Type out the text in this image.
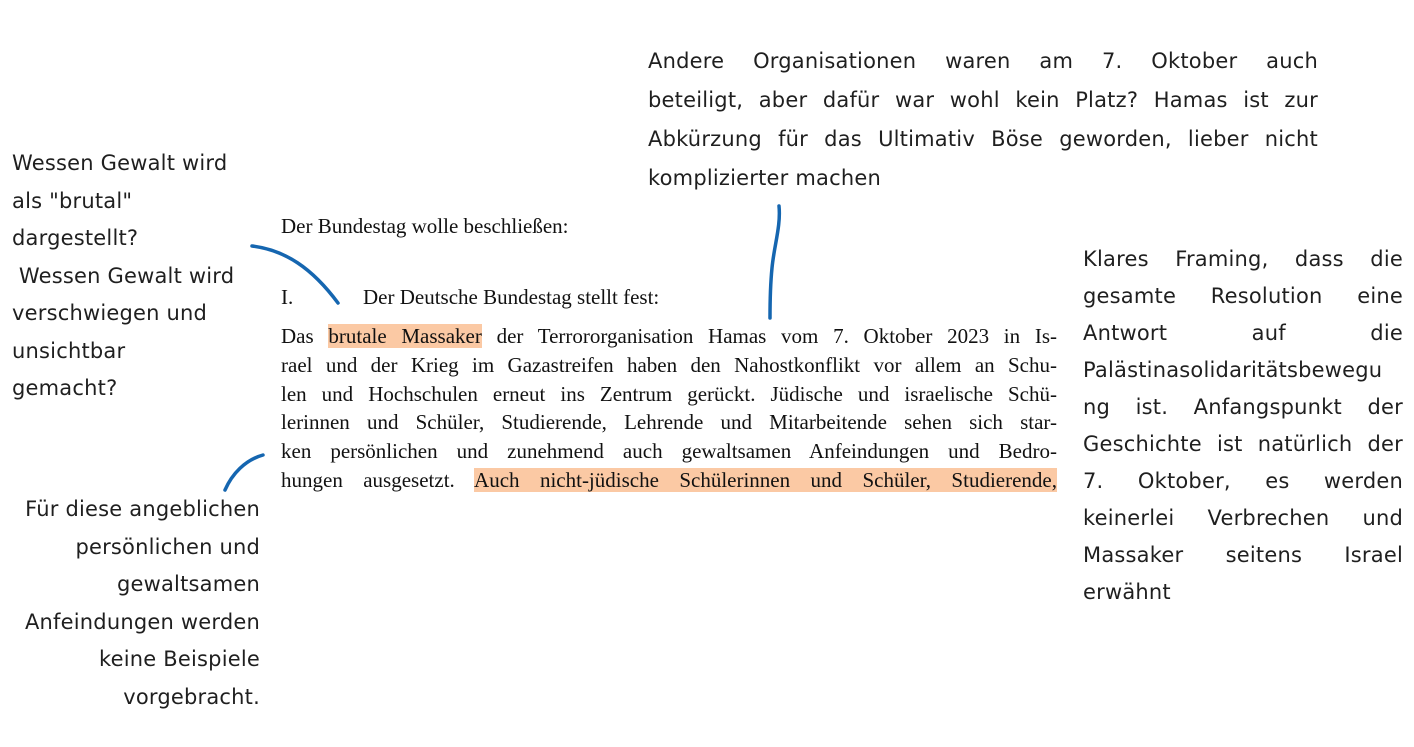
Andere Organisationen waren am 7. Oktober auch
beteiligt, aber dafür war wohl kein Platz? Hamas ist zur
Abkürzung für das Ultimativ Böse geworden, lieber nicht
komplizierter machen
Wessen Gewalt wird
als "brutal"
dargestellt?
Wessen Gewalt wird
verschwiegen und
unsichtbar
gemacht?
Für diese angeblichen
persönlichen und
gewaltsamen
Anfeindungen werden
keine Beispiele
vorgebracht.
Klares Framing, dass die
gesamte Resolution eine
Antwort auf die
Palästinasolidaritätsbewegu
ng ist. Anfangspunkt der
Geschichte ist natürlich der
7. Oktober, es werden
keinerlei Verbrechen und
Massaker seitens Israel
erwähnt
Der Bundestag wolle beschließen:
I.	Der Deutsche Bundestag stellt fest:
Das brutale Massaker der Terrororganisation Hamas vom 7. Oktober 2023 in Is-
rael und der Krieg im Gazastreifen haben den Nahostkonflikt vor allem an Schu-
len und Hochschulen erneut ins Zentrum gerückt. Jüdische und israelische Schü-
lerinnen und Schüler, Studierende, Lehrende und Mitarbeitende sehen sich star-
ken persönlichen und zunehmend auch gewaltsamen Anfeindungen und Bedro-
hungen ausgesetzt. Auch nicht-jüdische Schülerinnen und Schüler, Studierende,
